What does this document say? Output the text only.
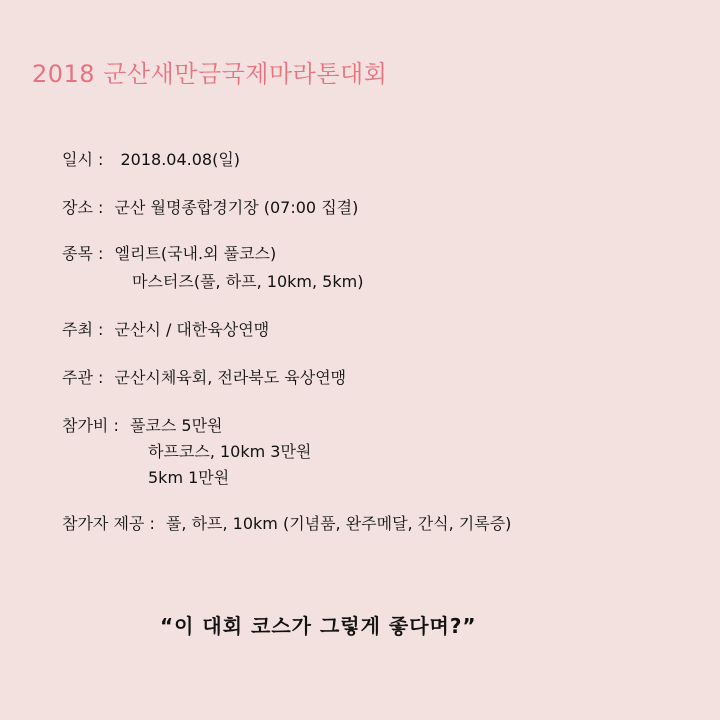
2018 군산새만금국제마라톤대회
일시 : 2018.04.08(일)
장소 : 군산 월명종합경기장 (07:00 집결)
종목 : 엘리트(국내.외 풀코스)
마스터즈(풀, 하프, 10km, 5km)
주최 : 군산시 / 대한육상연맹
주관 : 군산시체육회, 전라북도 육상연맹
참가비 : 풀코스 5만원
하프코스, 10km 3만원
5km 1만원
참가자 제공 : 풀, 하프, 10km (기념품, 완주메달, 간식, 기록증)
“이 대회 코스가 그렇게 좋다며?”
